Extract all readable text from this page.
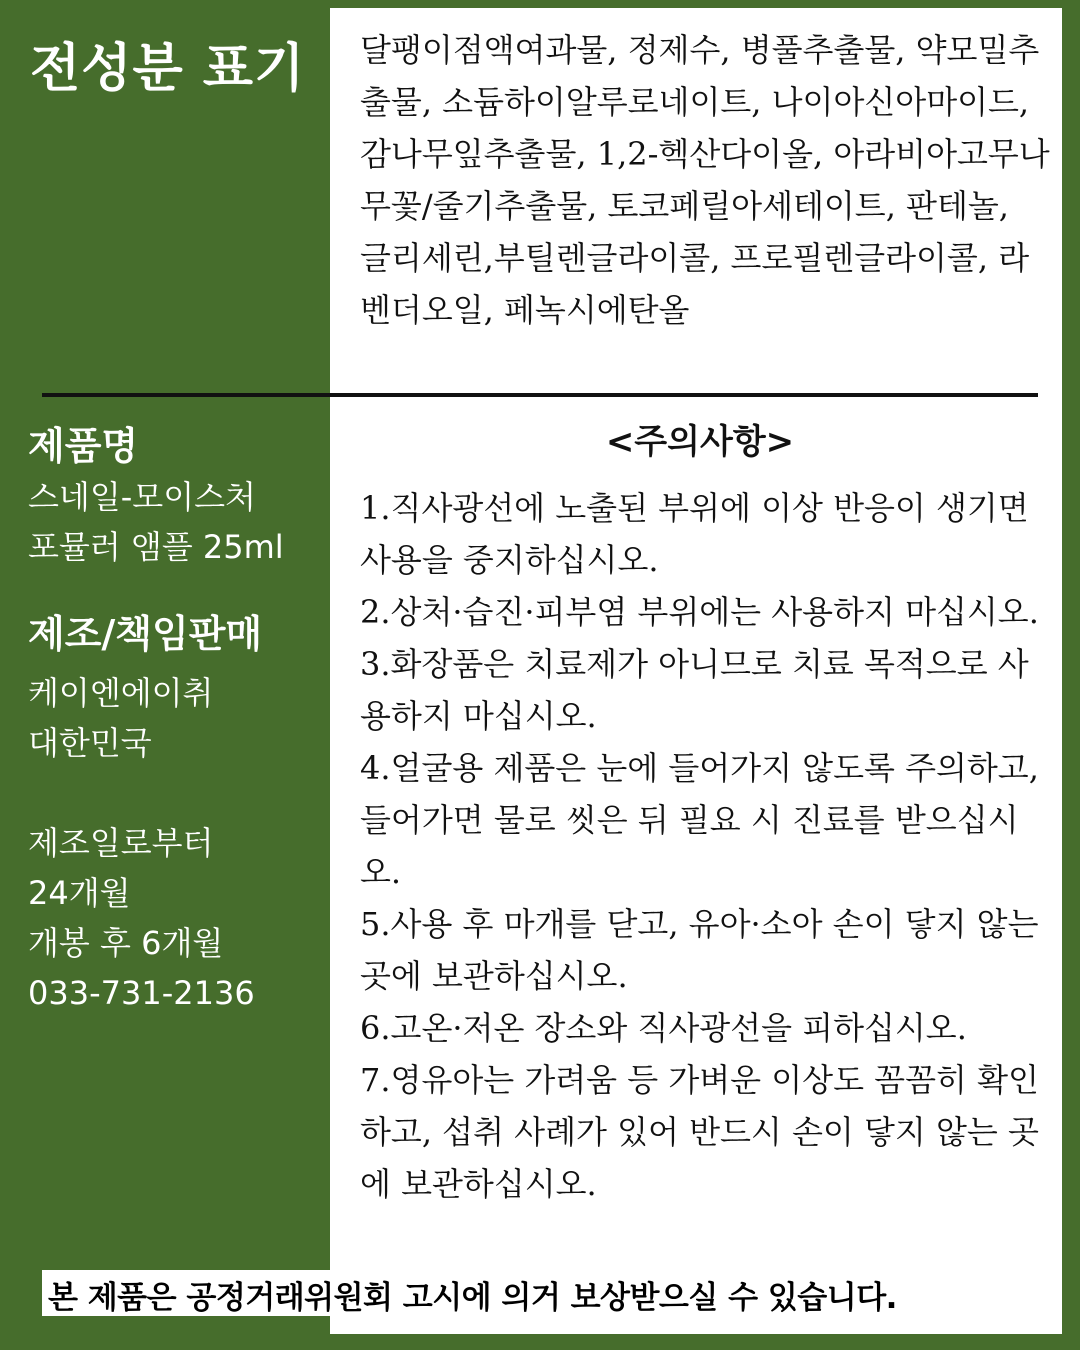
전성분 표기 달팽이점액여과물, 정제수, 병풀추출물, 약모밀추출물, 소듐하이알루로네이트, 나이아신아마이드, 감나무잎추출물, 1,2-헥산다이올, 아라비아고무나무꽃/줄기추출물, 토코페릴아세테이트, 판테놀, 글리세린,부틸렌글라이콜, 프로필렌글라이콜, 라벤더오일, 페녹시에탄올

제품명

스네일-모이스처

포뮬러 앰플 25ml

제조/책임판매

케이엔에이취

대한민국

제조일로부터

24개월

개봉 후 6개월

033-731-2136

<주의사항>

1.직사광선에 노출된 부위에 이상 반응이 생기면 사용을 중지하십시오.
2.상처·습진·피부염 부위에는 사용하지 마십시오.
3.화장품은 치료제가 아니므로 치료 목적으로 사용하지 마십시오.
4.얼굴용 제품은 눈에 들어가지 않도록 주의하고, 들어가면 물로 씻은 뒤 필요 시 진료를 받으십시오.
5.사용 후 마개를 닫고, 유아·소아 손이 닿지 않는 곳에 보관하십시오.
6.고온·저온 장소와 직사광선을 피하십시오.
7.영유아는 가려움 등 가벼운 이상도 꼼꼼히 확인하고, 섭취 사례가 있어 반드시 손이 닿지 않는 곳에 보관하십시오.

본 제품은 공정거래위원회 고시에 의거 보상받으실 수 있습니다.
